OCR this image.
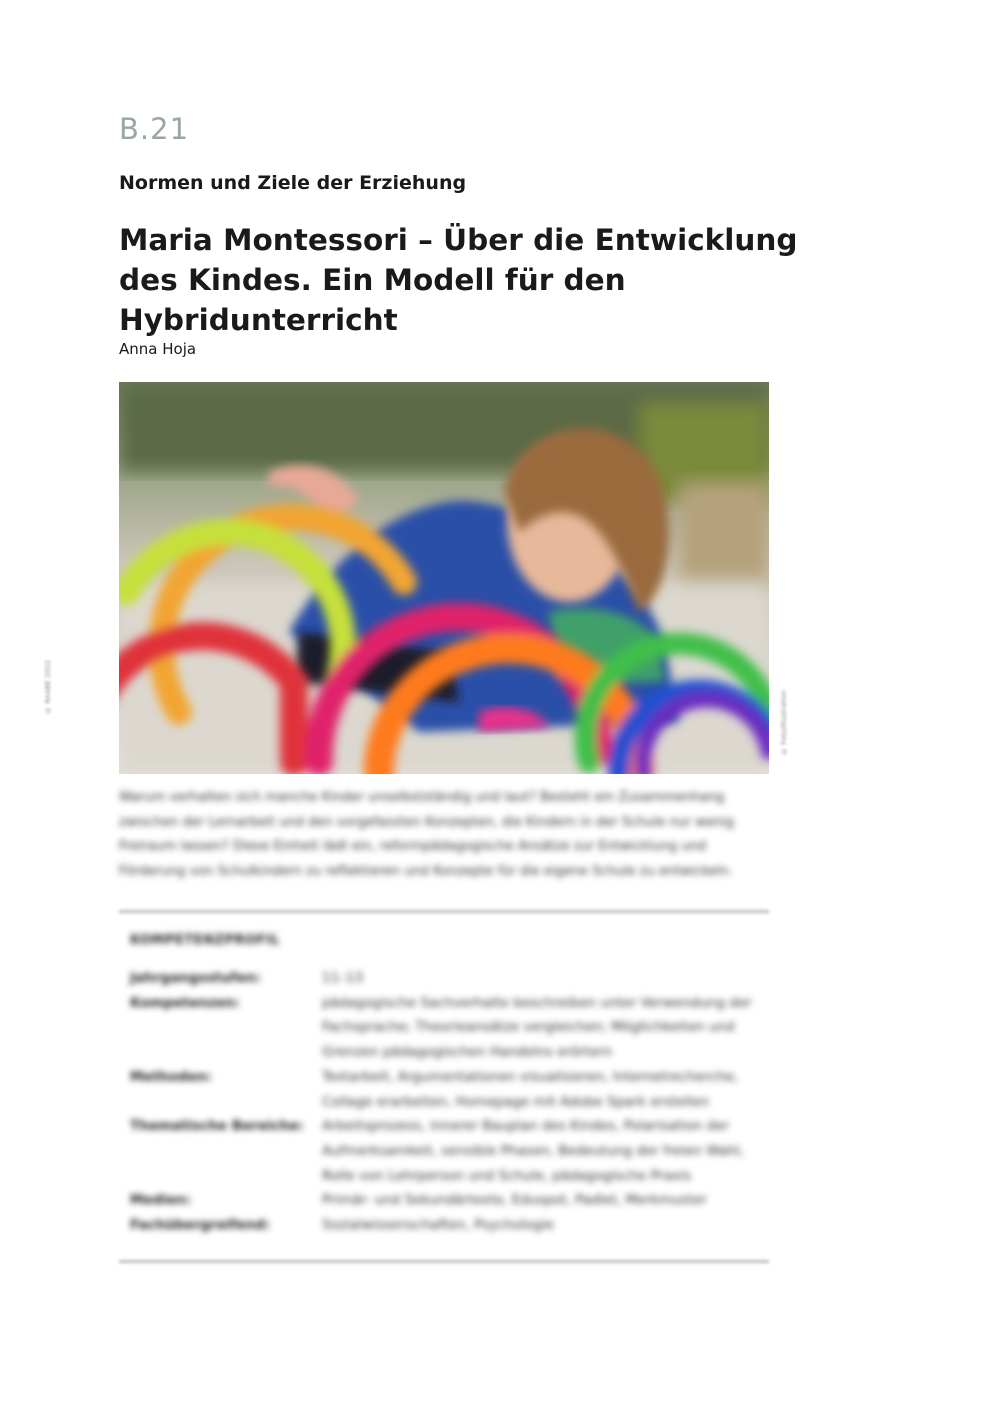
B.21
Normen und Ziele der Erziehung
Maria Montessori – Über die Entwicklung des Kindes. Ein Modell für den Hybridunterricht
Anna Hoja
© RAABE 2022
© Foto/Illustration
Warum verhalten sich manche Kinder unselbstständig und laut? Besteht ein Zusammenhang zwischen der Lernarbeit und den vorgefassten Konzepten, die Kindern in der Schule nur wenig Freiraum lassen? Diese Einheit lädt ein, reformpädagogische Ansätze zur Entwicklung und Förderung von Schulkindern zu reflektieren und Konzepte für die eigene Schule zu entwickeln.
KOMPETENZPROFIL
Jahrgangsstufen:	11–13
Kompetenzen:	pädagogische Sachverhalte beschreiben unter Verwendung der Fachsprache; Theorieansätze vergleichen; Möglichkeiten und Grenzen pädagogischen Handelns erörtern
Methoden:	Textarbeit, Argumentationen visualisieren, Internetrecherche, Collage erarbeiten, Homepage mit Adobe Spark erstellen
Thematische Bereiche:	Arbeitsprozess, innerer Bauplan des Kindes, Polarisation der Aufmerksamkeit, sensible Phasen, Bedeutung der freien Wahl, Rolle von Lehrperson und Schule, pädagogische Praxis
Medien:	Primär- und Sekundärtexte, Eduspot, Padlet, Merkmuster
Fachübergreifend:	Sozialwissenschaften, Psychologie
